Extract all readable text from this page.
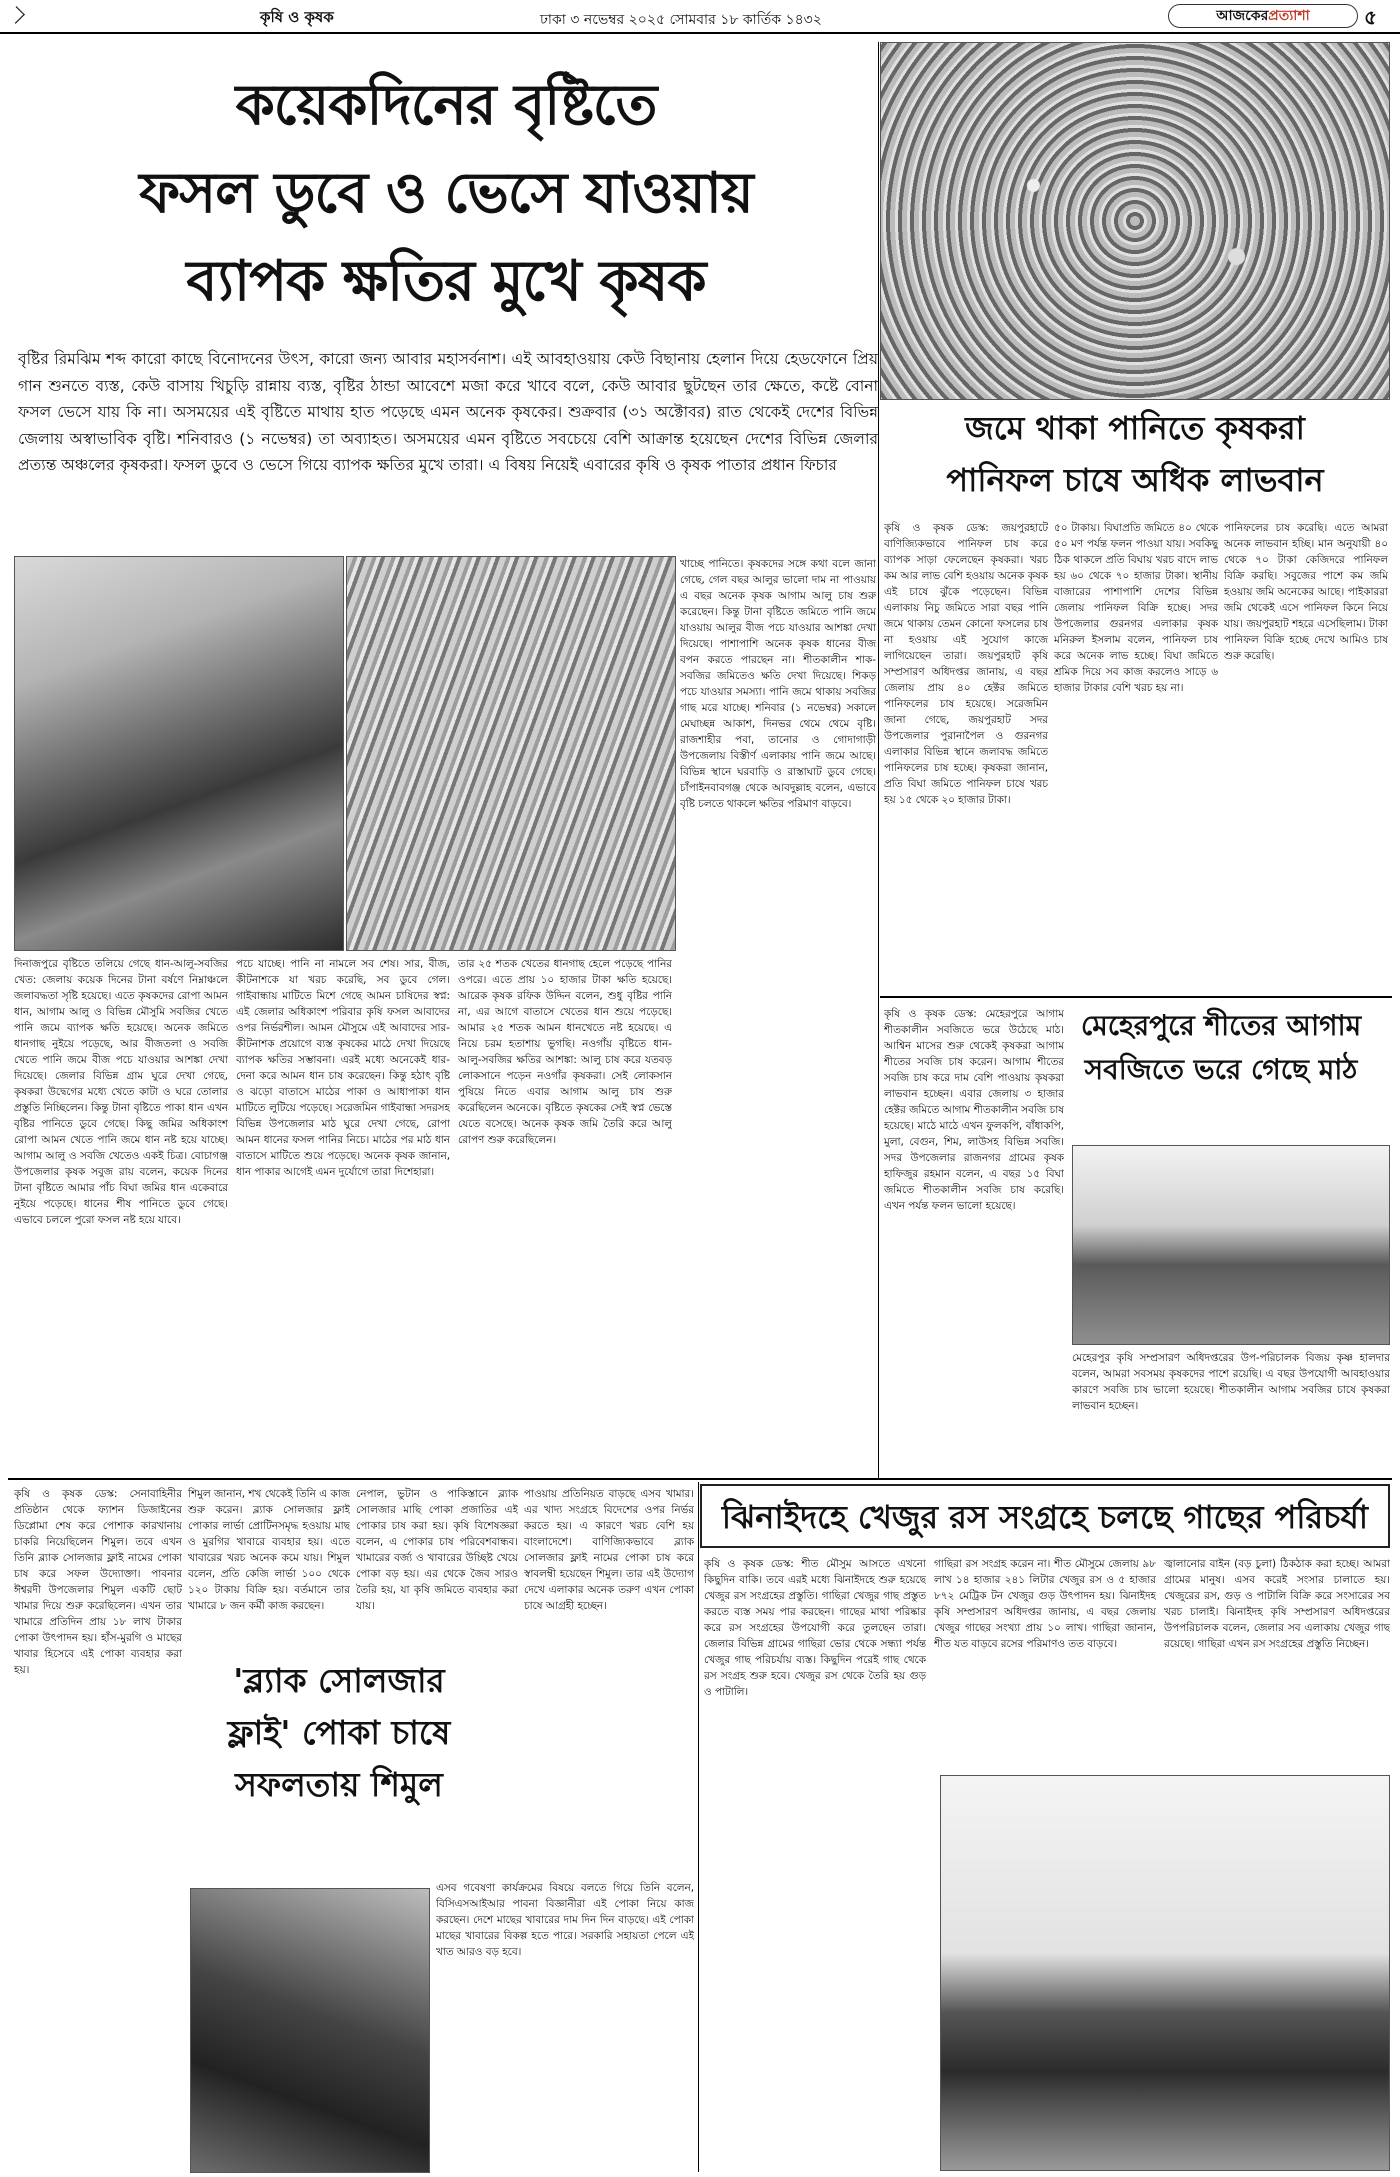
কৃষি ও কৃষক	ঢাকা ৩ নভেম্বর ২০২৫ সোমবার ১৮ কার্তিক ১৪৩২	আজকেরপ্রত্যাশা	৫
কয়েকদিনের বৃষ্টিতে
ফসল ডুবে ও ভেসে যাওয়ায়
ব্যাপক ক্ষতির মুখে কৃষক
বৃষ্টির রিমঝিম শব্দ কারো কাছে বিনোদনের উৎস, কারো জন্য আবার মহাসর্বনাশ। এই আবহাওয়ায় কেউ বিছানায় হেলান দিয়ে হেডফোনে প্রিয় গান শুনতে ব্যস্ত, কেউ বাসায় খিচুড়ি রান্নায় ব্যস্ত, বৃষ্টির ঠান্ডা আবেশে মজা করে খাবে বলে, কেউ আবার ছুটছেন তার ক্ষেতে, কষ্টে বোনা ফসল ভেসে যায় কি না। অসময়ের এই বৃষ্টিতে মাথায় হাত পড়েছে এমন অনেক কৃষকের। শুক্রবার (৩১ অক্টোবর) রাত থেকেই দেশের বিভিন্ন জেলায় অস্বাভাবিক বৃষ্টি। শনিবারও (১ নভেম্বর) তা অব্যাহত। অসময়ের এমন বৃষ্টিতে সবচেয়ে বেশি আক্রান্ত হয়েছেন দেশের বিভিন্ন জেলার প্রত্যন্ত অঞ্চলের কৃষকরা। ফসল ডুবে ও ভেসে গিয়ে ব্যাপক ক্ষতির মুখে তারা। এ বিষয় নিয়েই এবারের কৃষি ও কৃষক পাতার প্রধান ফিচার
দিনাজপুরে বৃষ্টিতে তলিয়ে গেছে ধান-আলু-সবজির খেত: জেলায় কয়েক দিনের টানা বর্ষণে নিম্নাঞ্চলে জলাবদ্ধতা সৃষ্টি হয়েছে। এতে কৃষকদের রোপা আমন ধান, আগাম আলু ও বিভিন্ন মৌসুমি সবজির খেতে পানি জমে ব্যাপক ক্ষতি হয়েছে। অনেক জমিতে ধানগাছ নুইয়ে পড়েছে, আর বীজতলা ও সবজি খেতে পানি জমে বীজ পচে যাওয়ার আশঙ্কা দেখা দিয়েছে। জেলার বিভিন্ন গ্রাম ঘুরে দেখা গেছে, কৃষকরা উদ্বেগের মধ্যে খেতে কাটা ও ঘরে তোলার প্রস্তুতি নিচ্ছিলেন। কিন্তু টানা বৃষ্টিতে পাকা ধান এখন বৃষ্টির পানিতে ডুবে গেছে। কিছু জমির অধিকাংশ রোপা আমন খেতে পানি জমে ধান নষ্ট হয়ে যাচ্ছে। আগাম আলু ও সবজি খেতেও একই চিত্র। বোচাগঞ্জ উপজেলার কৃষক সবুজ রায় বলেন, কয়েক দিনের টানা বৃষ্টিতে আমার পাঁচ বিঘা জমির ধান একেবারে নুইয়ে পড়েছে। ধানের শীষ পানিতে ডুবে গেছে। এভাবে চললে পুরো ফসল নষ্ট হয়ে যাবে।
পচে যাচ্ছে। পানি না নামলে সব শেষ। সার, বীজ, কীটনাশকে যা খরচ করেছি, সব ডুবে গেল। গাইবান্ধায় মাটিতে মিশে গেছে আমন চাষিদের স্বপ্ন: এই জেলার অধিকাংশ পরিবার কৃষি ফসল আবাদের ওপর নির্ভরশীল। আমন মৌসুমে এই আবাদের সার-কীটনাশক প্রয়োগে ব্যস্ত কৃষকের মাঠে দেখা দিয়েছে ব্যাপক ক্ষতির সম্ভাবনা। এরই মধ্যে অনেকেই ধার-দেনা করে আমন ধান চাষ করেছেন। কিন্তু হঠাৎ বৃষ্টি ও ঝড়ো বাতাসে মাঠের পাকা ও আধাপাকা ধান মাটিতে লুটিয়ে পড়েছে। সরেজমিন গাইবান্ধা সদরসহ বিভিন্ন উপজেলার মাঠ ঘুরে দেখা গেছে, রোপা আমন ধানের ফসল পানির নিচে। মাঠের পর মাঠ ধান বাতাসে মাটিতে শুয়ে পড়েছে। অনেক কৃষক জানান, ধান পাকার আগেই এমন দুর্যোগে তারা দিশেহারা।
তার ২৫ শতক খেতের ধানগাছ হেলে পড়েছে পানির ওপরে। এতে প্রায় ১০ হাজার টাকা ক্ষতি হয়েছে। আরেক কৃষক রফিক উদ্দিন বলেন, শুধু বৃষ্টির পানি না, এর আগে বাতাসে খেতের ধান শুয়ে পড়েছে। আমার ২৫ শতক আমন ধানখেতে নষ্ট হয়েছে। এ নিয়ে চরম হতাশায় ভুগছি। নওগাঁয় বৃষ্টিতে ধান-আলু-সবজির ক্ষতির আশঙ্কা: আলু চাষ করে যতবড় লোকসানে পড়েন নওগাঁর কৃষকরা। সেই লোকসান পুষিয়ে নিতে এবার আগাম আলু চাষ শুরু করেছিলেন অনেকে। বৃষ্টিতে কৃষকের সেই স্বপ্ন ভেস্তে যেতে বসেছে। অনেক কৃষক জমি তৈরি করে আলু রোপণ শুরু করেছিলেন।
খাচ্ছে পানিতে। কৃষকদের সঙ্গে কথা বলে জানা গেছে, গেল বছর আলুর ভালো দাম না পাওয়ায় এ বছর অনেক কৃষক আগাম আলু চাষ শুরু করেছেন। কিন্তু টানা বৃষ্টিতে জমিতে পানি জমে যাওয়ায় আলুর বীজ পচে যাওয়ার আশঙ্কা দেখা দিয়েছে। পাশাপাশি অনেক কৃষক ধানের বীজ বপন করতে পারছেন না। শীতকালীন শাক-সবজির জমিতেও ক্ষতি দেখা দিয়েছে। শিকড় পচে যাওয়ার সমস্যা। পানি জমে থাকায় সবজির গাছ মরে যাচ্ছে। শনিবার (১ নভেম্বর) সকালে মেঘাচ্ছন্ন আকাশ, দিনভর থেমে থেমে বৃষ্টি। রাজশাহীর পবা, তানোর ও গোদাগাড়ী উপজেলায় বিস্তীর্ণ এলাকায় পানি জমে আছে। বিভিন্ন স্থানে ঘরবাড়ি ও রাস্তাঘাট ডুবে গেছে। চাঁপাইনবাবগঞ্জ থেকে আবদুল্লাহ বলেন, এভাবে বৃষ্টি চলতে থাকলে ক্ষতির পরিমাণ বাড়বে।
জমে থাকা পানিতে কৃষকরা
পানিফল চাষে অধিক লাভবান
কৃষি ও কৃষক ডেস্ক: জয়পুরহাটে বাণিজ্যিকভাবে পানিফল চাষ করে ব্যাপক সাড়া ফেলেছেন কৃষকরা। খরচ কম আর লাভ বেশি হওয়ায় অনেক কৃষক এই চাষে ঝুঁকে পড়েছেন। বিভিন্ন এলাকায় নিচু জমিতে সারা বছর পানি জমে থাকায় তেমন কোনো ফসলের চাষ না হওয়ায় এই সুযোগ কাজে লাগিয়েছেন তারা। জয়পুরহাট কৃষি সম্প্রসারণ অধিদপ্তর জানায়, এ বছর জেলায় প্রায় ৪০ হেক্টর জমিতে পানিফলের চাষ হয়েছে। সরেজমিন জানা গেছে, জয়পুরহাট সদর উপজেলার পুরানাপৈল ও গুরনগর এলাকার বিভিন্ন স্থানে জলাবদ্ধ জমিতে পানিফলের চাষ হচ্ছে। কৃষকরা জানান, প্রতি বিঘা জমিতে পানিফল চাষে খরচ হয় ১৫ থেকে ২০ হাজার টাকা।
৫০ টাকায়। বিঘাপ্রতি জমিতে ৪০ থেকে ৫০ মণ পর্যন্ত ফলন পাওয়া যায়। সবকিছু ঠিক থাকলে প্রতি বিঘায় খরচ বাদে লাভ হয় ৬০ থেকে ৭০ হাজার টাকা। স্থানীয় বাজারের পাশাপাশি দেশের বিভিন্ন জেলায় পানিফল বিক্রি হচ্ছে। সদর উপজেলার গুরনগর এলাকার কৃষক মনিরুল ইসলাম বলেন, পানিফল চাষ করে অনেক লাভ হচ্ছে। বিঘা জমিতে শ্রমিক দিয়ে সব কাজ করলেও সাড়ে ৬ হাজার টাকার বেশি খরচ হয় না।
পানিফলের চাষ করেছি। এতে আমরা অনেক লাভবান হচ্ছি। মান অনুযায়ী ৪০ থেকে ৭০ টাকা কেজিদরে পানিফল বিক্রি করছি। সবুজের পাশে কম জমি হওয়ায় জমি অনেকের আছে। পাইকাররা জমি থেকেই এসে পানিফল কিনে নিয়ে যায়। জয়পুরহাট শহরে এসেছিলাম। টাকা পানিফল বিক্রি হচ্ছে দেখে আমিও চাষ শুরু করেছি।
মেহেরপুরে শীতের আগাম
সবজিতে ভরে গেছে মাঠ
কৃষি ও কৃষক ডেস্ক: মেহেরপুরে আগাম শীতকালীন সবজিতে ভরে উঠেছে মাঠ। আশ্বিন মাসের শুরু থেকেই কৃষকরা আগাম শীতের সবজি চাষ করেন। আগাম শীতের সবজি চাষ করে দাম বেশি পাওয়ায় কৃষকরা লাভবান হচ্ছেন। এবার জেলায় ৩ হাজার হেক্টর জমিতে আগাম শীতকালীন সবজি চাষ হয়েছে। মাঠে মাঠে এখন ফুলকপি, বাঁধাকপি, মুলা, বেগুন, শিম, লাউসহ বিভিন্ন সবজি। সদর উপজেলার রাজনগর গ্রামের কৃষক হাফিজুর রহমান বলেন, এ বছর ১৫ বিঘা জমিতে শীতকালীন সবজি চাষ করেছি। এখন পর্যন্ত ফলন ভালো হয়েছে।
মেহেরপুর কৃষি সম্প্রসারণ অধিদপ্তরের উপ-পরিচালক বিজয় কৃষ্ণ হালদার বলেন, আমরা সবসময় কৃষকদের পাশে রয়েছি। এ বছর উপযোগী আবহাওয়ার কারণে সবজি চাষ ভালো হয়েছে। শীতকালীন আগাম সবজির চাষে কৃষকরা লাভবান হচ্ছেন।
ঝিনাইদহে খেজুর রস সংগ্রহে চলছে গাছের পরিচর্যা
কৃষি ও কৃষক ডেস্ক: শীত মৌসুম আসতে এখনো কিছুদিন বাকি। তবে এরই মধ্যে ঝিনাইদহে শুরু হয়েছে খেজুর রস সংগ্রহের প্রস্তুতি। গাছিরা খেজুর গাছ প্রস্তুত করতে ব্যস্ত সময় পার করছেন। গাছের মাথা পরিষ্কার করে রস সংগ্রহের উপযোগী করে তুলছেন তারা। জেলার বিভিন্ন গ্রামের গাছিরা ভোর থেকে সন্ধ্যা পর্যন্ত খেজুর গাছ পরিচর্যায় ব্যস্ত। কিছুদিন পরেই গাছ থেকে রস সংগ্রহ শুরু হবে। খেজুর রস থেকে তৈরি হয় গুড় ও পাটালি।
গাছিরা রস সংগ্রহ করেন না। শীত মৌসুমে জেলায় ৯৮ লাখ ১৪ হাজার ২৪১ লিটার খেজুর রস ও ৫ হাজার ৮৭২ মেট্রিক টন খেজুর গুড় উৎপাদন হয়। ঝিনাইদহ কৃষি সম্প্রসারণ অধিদপ্তর জানায়, এ বছর জেলায় খেজুর গাছের সংখ্যা প্রায় ১০ লাখ। গাছিরা জানান, শীত যত বাড়বে রসের পরিমাণও তত বাড়বে।
জ্বালানোর বাইন (বড় চুলা) ঠিকঠাক করা হচ্ছে। আমরা গ্রামের মানুষ। এসব করেই সংসার চালাতে হয়। খেজুরের রস, গুড় ও পাটালি বিক্রি করে সংসারের সব খরচ চালাই। ঝিনাইদহ কৃষি সম্প্রসারণ অধিদপ্তরের উপপরিচালক বলেন, জেলার সব এলাকায় খেজুর গাছ রয়েছে। গাছিরা এখন রস সংগ্রহের প্রস্তুতি নিচ্ছেন।
'ব্ল্যাক সোলজার
ফ্লাই' পোকা চাষে
সফলতায় শিমুল
কৃষি ও কৃষক ডেস্ক: সেনাবাহিনীর প্রতিষ্ঠান থেকে ফ্যাশন ডিজাইনের ডিপ্লোমা শেষ করে পোশাক কারখানায় চাকরি নিয়েছিলেন শিমুল। তবে এখন তিনি ব্ল্যাক সোলজার ফ্লাই নামের পোকা চাষ করে সফল উদ্যোক্তা। পাবনার ঈশ্বরদী উপজেলার শিমুল একটি ছোট খামার দিয়ে শুরু করেছিলেন। এখন তার খামারে প্রতিদিন প্রায় ১৮ লাখ টাকার পোকা উৎপাদন হয়। হাঁস-মুরগি ও মাছের খাবার হিসেবে এই পোকা ব্যবহার করা হয়।
শিমুল জানান, শখ থেকেই তিনি এ কাজ শুরু করেন। ব্ল্যাক সোলজার ফ্লাই পোকার লার্ভা প্রোটিনসমৃদ্ধ হওয়ায় মাছ ও মুরগির খাবারে ব্যবহার হয়। এতে খাবারের খরচ অনেক কমে যায়। শিমুল বলেন, প্রতি কেজি লার্ভা ১০০ থেকে ১২০ টাকায় বিক্রি হয়। বর্তমানে তার খামারে ৮ জন কর্মী কাজ করছেন।
নেপাল, ভুটান ও পাকিস্তানে ব্ল্যাক সোলজার মাছি পোকা প্রজাতির এই পোকার চাষ করা হয়। কৃষি বিশেষজ্ঞরা বলেন, এ পোকার চাষ পরিবেশবান্ধব। খামারের বর্জ্য ও খাবারের উচ্ছিষ্ট খেয়ে পোকা বড় হয়। এর থেকে জৈব সারও তৈরি হয়, যা কৃষি জমিতে ব্যবহার করা যায়।
পাওয়ায় প্রতিনিয়ত বাড়ছে এসব খামার। এর খাদ্য সংগ্রহে বিদেশের ওপর নির্ভর করতে হয়। এ কারণে খরচ বেশি হয় বাংলাদেশে। বাণিজ্যিকভাবে ব্ল্যাক সোলজার ফ্লাই নামের পোকা চাষ করে স্বাবলম্বী হয়েছেন শিমুল। তার এই উদ্যোগ দেখে এলাকার অনেক তরুণ এখন পোকা চাষে আগ্রহী হচ্ছেন।
এসব গবেষণা কার্যক্রমের বিষয়ে বলতে গিয়ে তিনি বলেন, বিসিএসআইআর পাবনা বিজ্ঞানীরা এই পোকা নিয়ে কাজ করছেন। দেশে মাছের খাবারের দাম দিন দিন বাড়ছে। এই পোকা মাছের খাবারের বিকল্প হতে পারে। সরকারি সহায়তা পেলে এই খাত আরও বড় হবে।
